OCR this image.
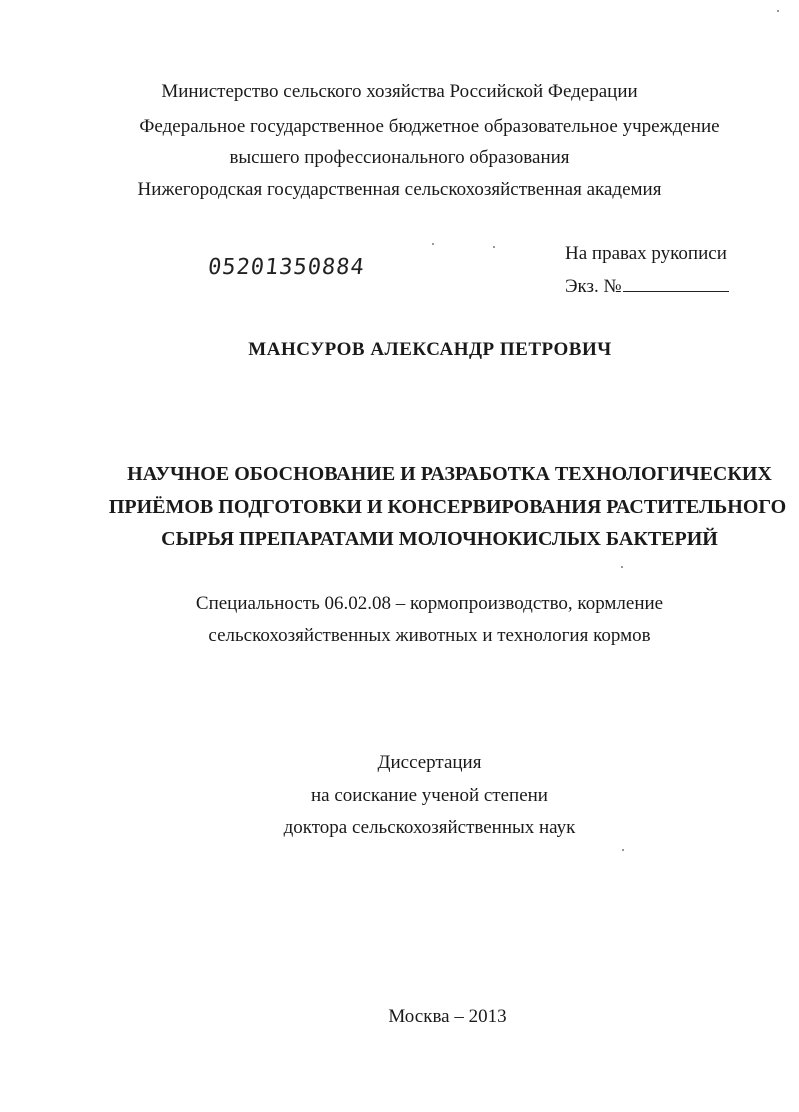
Министерство сельского хозяйства Российской Федерации
Федеральное государственное бюджетное образовательное учреждение
высшего профессионального образования
Нижегородская государственная сельскохозяйственная академия
05201350884
На правах рукописи
Экз. №
МАНСУРОВ АЛЕКСАНДР ПЕТРОВИЧ
НАУЧНОЕ ОБОСНОВАНИЕ И РАЗРАБОТКА ТЕХНОЛОГИЧЕСКИХ
ПРИЁМОВ ПОДГОТОВКИ И КОНСЕРВИРОВАНИЯ РАСТИТЕЛЬНОГО
СЫРЬЯ ПРЕПАРАТАМИ МОЛОЧНОКИСЛЫХ БАКТЕРИЙ
Специальность 06.02.08 – кормопроизводство, кормление
сельскохозяйственных животных и технология кормов
Диссертация
на соискание ученой степени
доктора сельскохозяйственных наук
Москва – 2013
